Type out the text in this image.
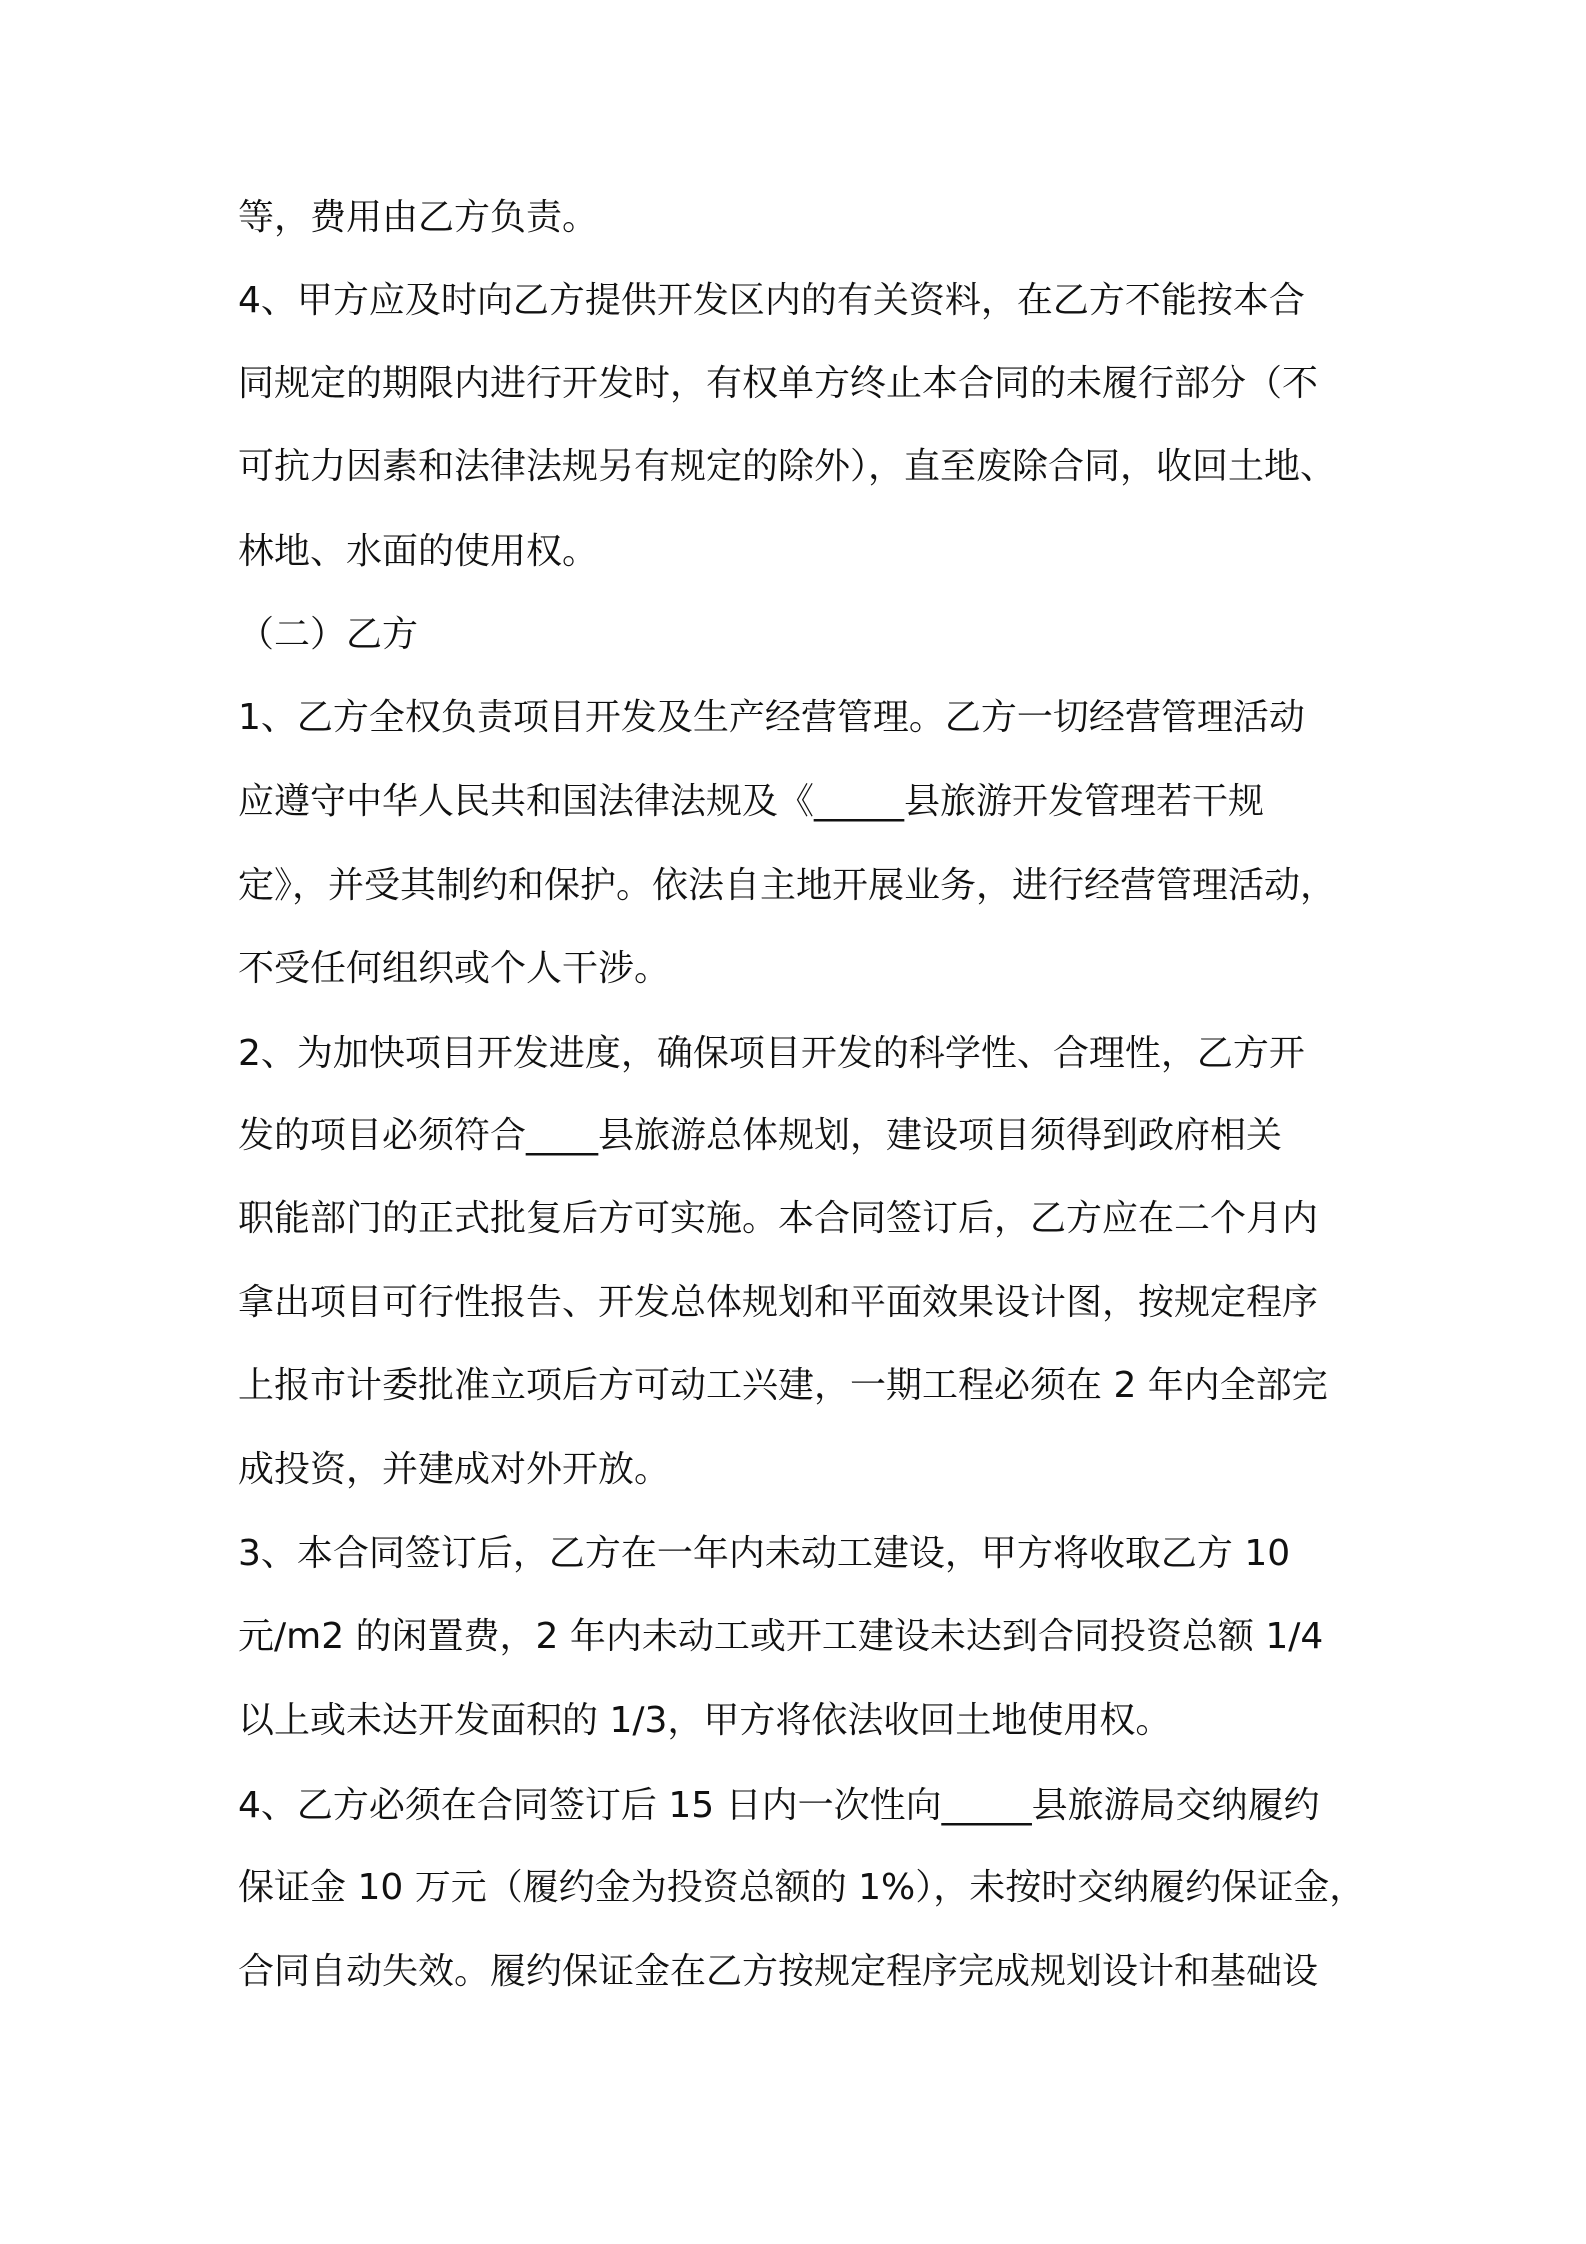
等，费用由乙方负责。
4、甲方应及时向乙方提供开发区内的有关资料，在乙方不能按本合
同规定的期限内进行开发时，有权单方终止本合同的未履行部分（不
可抗力因素和法律法规另有规定的除外），直至废除合同，收回土地、
林地、水面的使用权。
（二）乙方
1、乙方全权负责项目开发及生产经营管理。乙方一切经营管理活动
应遵守中华人民共和国法律法规及《_____县旅游开发管理若干规
定》，并受其制约和保护。依法自主地开展业务，进行经营管理活动，
不受任何组织或个人干涉。
2、为加快项目开发进度，确保项目开发的科学性、合理性，乙方开
发的项目必须符合____县旅游总体规划，建设项目须得到政府相关
职能部门的正式批复后方可实施。本合同签订后，乙方应在二个月内
拿出项目可行性报告、开发总体规划和平面效果设计图，按规定程序
上报市计委批准立项后方可动工兴建，一期工程必须在 2 年内全部完
成投资，并建成对外开放。
3、本合同签订后，乙方在一年内未动工建设，甲方将收取乙方 10
元/m2 的闲置费，2 年内未动工或开工建设未达到合同投资总额 1/4
以上或未达开发面积的 1/3，甲方将依法收回土地使用权。
4、乙方必须在合同签订后 15 日内一次性向_____县旅游局交纳履约
保证金 10 万元（履约金为投资总额的 1%），未按时交纳履约保证金，
合同自动失效。履约保证金在乙方按规定程序完成规划设计和基础设
